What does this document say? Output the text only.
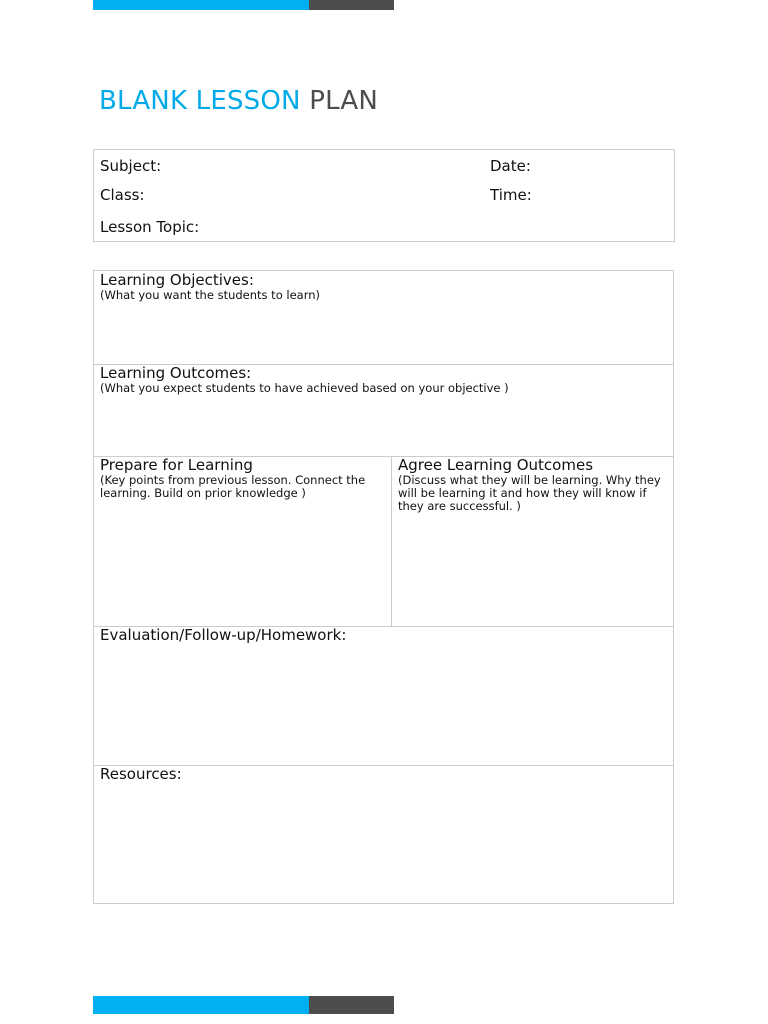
BLANK LESSON PLAN
Subject:	Date:
Class:	Time:
Lesson Topic:
Learning Objectives:
(What you want the students to learn)
Learning Outcomes:
(What you expect students to have achieved based on your objective )
Prepare for Learning
(Key points from previous lesson. Connect the learning. Build on prior knowledge )
Agree Learning Outcomes
(Discuss what they will be learning. Why they will be learning it and how they will know if they are successful. )
Evaluation/Follow-up/Homework:
Resources:
